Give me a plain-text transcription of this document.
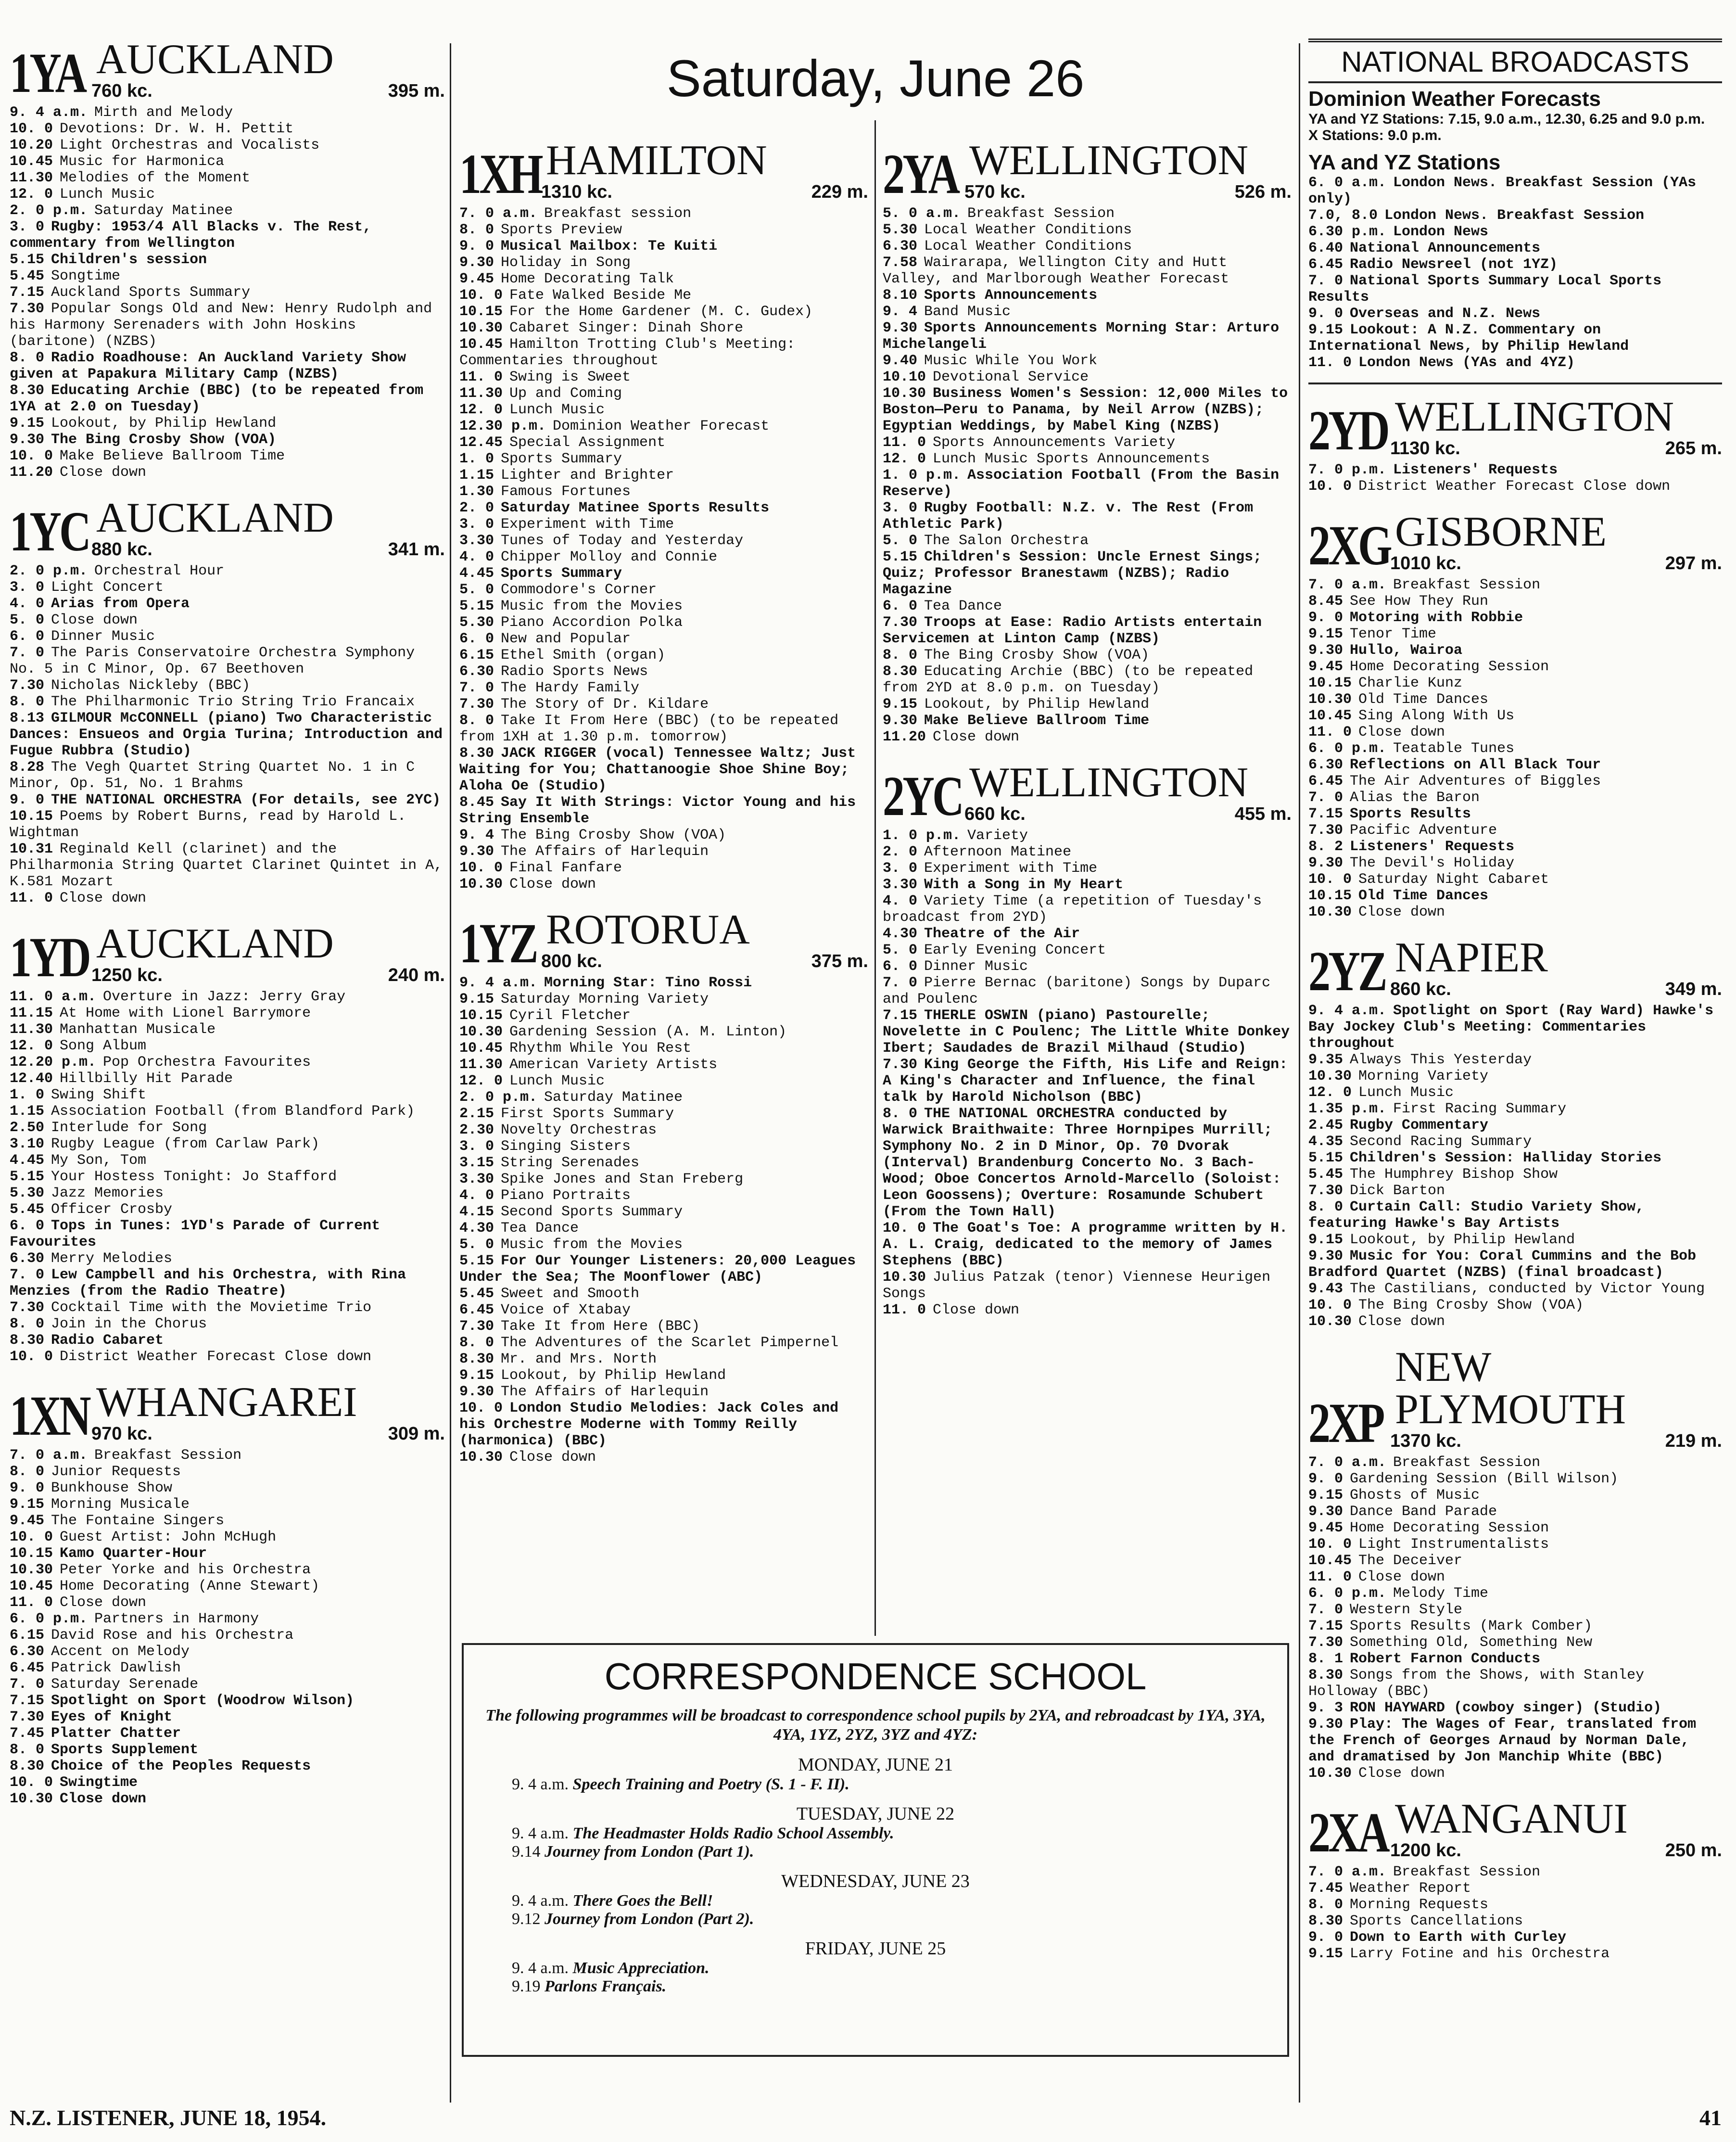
Saturday, June 26
1YA AUCKLAND
760 kc.	395 m.
9. 4 a.m. Mirth and Melody
10. 0 Devotions: Dr. W. H. Pettit
10.20 Light Orchestras and Vocalists
10.45 Music for Harmonica
11.30 Melodies of the Moment
12. 0 Lunch Music
2. 0 p.m. Saturday Matinee
3. 0 Rugby: 1953/4 All Blacks v. The Rest, commentary from Wellington
5.15 Children's session
5.45 Songtime
7.15 Auckland Sports Summary
7.30 Popular Songs Old and New: Henry Rudolph and his Harmony Serenaders with John Hoskins (baritone) (NZBS)
8. 0 Radio Roadhouse: An Auckland Variety Show given at Papakura Military Camp (NZBS)
8.30 Educating Archie (BBC) (to be repeated from 1YA at 2.0 on Tuesday)
9.15 Lookout, by Philip Hewland
9.30 The Bing Crosby Show (VOA)
10. 0 Make Believe Ballroom Time
11.20 Close down
1YC AUCKLAND
880 kc.	341 m.
2. 0 p.m. Orchestral Hour
3. 0 Light Concert
4. 0 Arias from Opera
5. 0 Close down
6. 0 Dinner Music
7. 0 The Paris Conservatoire Orchestra Symphony No. 5 in C Minor, Op. 67 Beethoven
7.30 Nicholas Nickleby (BBC)
8. 0 The Philharmonic Trio String Trio Francaix
8.13 GILMOUR McCONNELL (piano) Two Characteristic Dances: Ensueos and Orgia Turina; Introduction and Fugue Rubbra (Studio)
8.28 The Vegh Quartet String Quartet No. 1 in C Minor, Op. 51, No. 1 Brahms
9. 0 THE NATIONAL ORCHESTRA (For details, see 2YC)
10.15 Poems by Robert Burns, read by Harold L. Wightman
10.31 Reginald Kell (clarinet) and the Philharmonia String Quartet Clarinet Quintet in A, K.581 Mozart
11. 0 Close down
1YD AUCKLAND
1250 kc.	240 m.
11. 0 a.m. Overture in Jazz: Jerry Gray
11.15 At Home with Lionel Barrymore
11.30 Manhattan Musicale
12. 0 Song Album
12.20 p.m. Pop Orchestra Favourites
12.40 Hillbilly Hit Parade
1. 0 Swing Shift
1.15 Association Football (from Blandford Park)
2.50 Interlude for Song
3.10 Rugby League (from Carlaw Park)
4.45 My Son, Tom
5.15 Your Hostess Tonight: Jo Stafford
5.30 Jazz Memories
5.45 Officer Crosby
6. 0 Tops in Tunes: 1YD's Parade of Current Favourites
6.30 Merry Melodies
7. 0 Lew Campbell and his Orchestra, with Rina Menzies (from the Radio Theatre)
7.30 Cocktail Time with the Movietime Trio
8. 0 Join in the Chorus
8.30 Radio Cabaret
10. 0 District Weather Forecast Close down
1XN WHANGAREI
970 kc.	309 m.
7. 0 a.m. Breakfast Session
8. 0 Junior Requests
9. 0 Bunkhouse Show
9.15 Morning Musicale
9.45 The Fontaine Singers
10. 0 Guest Artist: John McHugh
10.15 Kamo Quarter-Hour
10.30 Peter Yorke and his Orchestra
10.45 Home Decorating (Anne Stewart)
11. 0 Close down
6. 0 p.m. Partners in Harmony
6.15 David Rose and his Orchestra
6.30 Accent on Melody
6.45 Patrick Dawlish
7. 0 Saturday Serenade
7.15 Spotlight on Sport (Woodrow Wilson)
7.30 Eyes of Knight
7.45 Platter Chatter
8. 0 Sports Supplement
8.30 Choice of the Peoples Requests
10. 0 Swingtime
10.30 Close down
1XH HAMILTON
1310 kc.	229 m.
7. 0 a.m. Breakfast session
8. 0 Sports Preview
9. 0 Musical Mailbox: Te Kuiti
9.30 Holiday in Song
9.45 Home Decorating Talk
10. 0 Fate Walked Beside Me
10.15 For the Home Gardener (M. C. Gudex)
10.30 Cabaret Singer: Dinah Shore
10.45 Hamilton Trotting Club's Meeting: Commentaries throughout
11. 0 Swing is Sweet
11.30 Up and Coming
12. 0 Lunch Music
12.30 p.m. Dominion Weather Forecast
12.45 Special Assignment
1. 0 Sports Summary
1.15 Lighter and Brighter
1.30 Famous Fortunes
2. 0 Saturday Matinee Sports Results
3. 0 Experiment with Time
3.30 Tunes of Today and Yesterday
4. 0 Chipper Molloy and Connie
4.45 Sports Summary
5. 0 Commodore's Corner
5.15 Music from the Movies
5.30 Piano Accordion Polka
6. 0 New and Popular
6.15 Ethel Smith (organ)
6.30 Radio Sports News
7. 0 The Hardy Family
7.30 The Story of Dr. Kildare
8. 0 Take It From Here (BBC) (to be repeated from 1XH at 1.30 p.m. tomorrow)
8.30 JACK RIGGER (vocal) Tennessee Waltz; Just Waiting for You; Chattanoogie Shoe Shine Boy; Aloha Oe (Studio)
8.45 Say It With Strings: Victor Young and his String Ensemble
9. 4 The Bing Crosby Show (VOA)
9.30 The Affairs of Harlequin
10. 0 Final Fanfare
10.30 Close down
1YZ ROTORUA
800 kc.	375 m.
9. 4 a.m. Morning Star: Tino Rossi
9.15 Saturday Morning Variety
10.15 Cyril Fletcher
10.30 Gardening Session (A. M. Linton)
10.45 Rhythm While You Rest
11.30 American Variety Artists
12. 0 Lunch Music
2. 0 p.m. Saturday Matinee
2.15 First Sports Summary
2.30 Novelty Orchestras
3. 0 Singing Sisters
3.15 String Serenades
3.30 Spike Jones and Stan Freberg
4. 0 Piano Portraits
4.15 Second Sports Summary
4.30 Tea Dance
5. 0 Music from the Movies
5.15 For Our Younger Listeners: 20,000 Leagues Under the Sea; The Moonflower (ABC)
5.45 Sweet and Smooth
6.45 Voice of Xtabay
7.30 Take It from Here (BBC)
8. 0 The Adventures of the Scarlet Pimpernel
8.30 Mr. and Mrs. North
9.15 Lookout, by Philip Hewland
9.30 The Affairs of Harlequin
10. 0 London Studio Melodies: Jack Coles and his Orchestre Moderne with Tommy Reilly (harmonica) (BBC)
10.30 Close down
2YA WELLINGTON
570 kc.	526 m.
5. 0 a.m. Breakfast Session
5.30 Local Weather Conditions
6.30 Local Weather Conditions
7.58 Wairarapa, Wellington City and Hutt Valley, and Marlborough Weather Forecast
8.10 Sports Announcements
9. 4 Band Music
9.30 Sports Announcements Morning Star: Arturo Michelangeli
9.40 Music While You Work
10.10 Devotional Service
10.30 Business Women's Session: 12,000 Miles to Boston—Peru to Panama, by Neil Arrow (NZBS); Egyptian Weddings, by Mabel King (NZBS)
11. 0 Sports Announcements Variety
12. 0 Lunch Music Sports Announcements
1. 0 p.m. Association Football (From the Basin Reserve)
3. 0 Rugby Football: N.Z. v. The Rest (From Athletic Park)
5. 0 The Salon Orchestra
5.15 Children's Session: Uncle Ernest Sings; Quiz; Professor Branestawm (NZBS); Radio Magazine
6. 0 Tea Dance
7.30 Troops at Ease: Radio Artists entertain Servicemen at Linton Camp (NZBS)
8. 0 The Bing Crosby Show (VOA)
8.30 Educating Archie (BBC) (to be repeated from 2YD at 8.0 p.m. on Tuesday)
9.15 Lookout, by Philip Hewland
9.30 Make Believe Ballroom Time
11.20 Close down
2YC WELLINGTON
660 kc.	455 m.
1. 0 p.m. Variety
2. 0 Afternoon Matinee
3. 0 Experiment with Time
3.30 With a Song in My Heart
4. 0 Variety Time (a repetition of Tuesday's broadcast from 2YD)
4.30 Theatre of the Air
5. 0 Early Evening Concert
6. 0 Dinner Music
7. 0 Pierre Bernac (baritone) Songs by Duparc and Poulenc
7.15 THERLE OSWIN (piano) Pastourelle; Novelette in C Poulenc; The Little White Donkey Ibert; Saudades de Brazil Milhaud (Studio)
7.30 King George the Fifth, His Life and Reign: A King's Character and Influence, the final talk by Harold Nicholson (BBC)
8. 0 THE NATIONAL ORCHESTRA conducted by Warwick Braithwaite: Three Hornpipes Murrill; Symphony No. 2 in D Minor, Op. 70 Dvorak (Interval) Brandenburg Concerto No. 3 Bach-Wood; Oboe Concertos Arnold-Marcello (Soloist: Leon Goossens); Overture: Rosamunde Schubert (From the Town Hall)
10. 0 The Goat's Toe: A programme written by H. A. L. Craig, dedicated to the memory of James Stephens (BBC)
10.30 Julius Patzak (tenor) Viennese Heurigen Songs
11. 0 Close down
NATIONAL BROADCASTS
Dominion Weather Forecasts
YA and YZ Stations: 7.15, 9.0 a.m., 12.30, 6.25 and 9.0 p.m.
X Stations: 9.0 p.m.
YA and YZ Stations
6. 0 a.m. London News. Breakfast Session (YAs only)
7.0, 8.0 London News. Breakfast Session
6.30 p.m. London News
6.40 National Announcements
6.45 Radio Newsreel (not 1YZ)
7. 0 National Sports Summary Local Sports Results
9. 0 Overseas and N.Z. News
9.15 Lookout: A N.Z. Commentary on International News, by Philip Hewland
11. 0 London News (YAs and 4YZ)
2YD WELLINGTON
1130 kc.	265 m.
7. 0 p.m. Listeners' Requests
10. 0 District Weather Forecast Close down
2XG GISBORNE
1010 kc.	297 m.
7. 0 a.m. Breakfast Session
8.45 See How They Run
9. 0 Motoring with Robbie
9.15 Tenor Time
9.30 Hullo, Wairoa
9.45 Home Decorating Session
10.15 Charlie Kunz
10.30 Old Time Dances
10.45 Sing Along With Us
11. 0 Close down
6. 0 p.m. Teatable Tunes
6.30 Reflections on All Black Tour
6.45 The Air Adventures of Biggles
7. 0 Alias the Baron
7.15 Sports Results
7.30 Pacific Adventure
8. 2 Listeners' Requests
9.30 The Devil's Holiday
10. 0 Saturday Night Cabaret
10.15 Old Time Dances
10.30 Close down
2YZ NAPIER
860 kc.	349 m.
9. 4 a.m. Spotlight on Sport (Ray Ward) Hawke's Bay Jockey Club's Meeting: Commentaries throughout
9.35 Always This Yesterday
10.30 Morning Variety
12. 0 Lunch Music
1.35 p.m. First Racing Summary
2.45 Rugby Commentary
4.35 Second Racing Summary
5.15 Children's Session: Halliday Stories
5.45 The Humphrey Bishop Show
7.30 Dick Barton
8. 0 Curtain Call: Studio Variety Show, featuring Hawke's Bay Artists
9.15 Lookout, by Philip Hewland
9.30 Music for You: Coral Cummins and the Bob Bradford Quartet (NZBS) (final broadcast)
9.43 The Castilians, conducted by Victor Young
10. 0 The Bing Crosby Show (VOA)
10.30 Close down
2XP
NEW PLYMOUTH
1370 kc.	219 m.
7. 0 a.m. Breakfast Session
9. 0 Gardening Session (Bill Wilson)
9.15 Ghosts of Music
9.30 Dance Band Parade
9.45 Home Decorating Session
10. 0 Light Instrumentalists
10.45 The Deceiver
11. 0 Close down
6. 0 p.m. Melody Time
7. 0 Western Style
7.15 Sports Results (Mark Comber)
7.30 Something Old, Something New
8. 1 Robert Farnon Conducts
8.30 Songs from the Shows, with Stanley Holloway (BBC)
9. 3 RON HAYWARD (cowboy singer) (Studio)
9.30 Play: The Wages of Fear, translated from the French of Georges Arnaud by Norman Dale, and dramatised by Jon Manchip White (BBC)
10.30 Close down
2XA WANGANUI
1200 kc.	250 m.
7. 0 a.m. Breakfast Session
7.45 Weather Report
8. 0 Morning Requests
8.30 Sports Cancellations
9. 0 Down to Earth with Curley
9.15 Larry Fotine and his Orchestra
CORRESPONDENCE SCHOOL
The following programmes will be broadcast to correspondence school pupils by 2YA, and rebroadcast by 1YA, 3YA, 4YA, 1YZ, 2YZ, 3YZ and 4YZ:
MONDAY, JUNE 21
9. 4 a.m. Speech Training and Poetry (S. 1 - F. II).
TUESDAY, JUNE 22
9. 4 a.m. The Headmaster Holds Radio School Assembly.
9.14 Journey from London (Part 1).
WEDNESDAY, JUNE 23
9. 4 a.m. There Goes the Bell!
9.12 Journey from London (Part 2).
FRIDAY, JUNE 25
9. 4 a.m. Music Appreciation.
9.19 Parlons Français.
N.Z. LISTENER, JUNE 18, 1954.	41
